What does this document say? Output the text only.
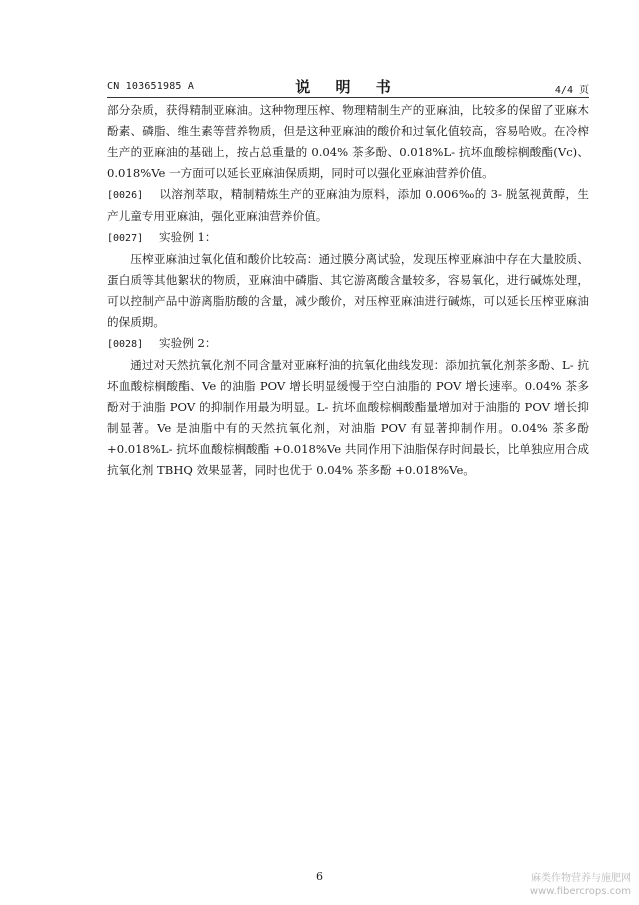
CN 103651985 A	说 明 书	4/4 页

部分杂质，获得精制亚麻油。这种物理压榨、物理精制生产的亚麻油，比较多的保留了亚麻木酚素、磷脂、维生素等营养物质，但是这种亚麻油的酸价和过氧化值较高，容易哈败。在冷榨生产的亚麻油的基础上，按占总重量的 0.04% 茶多酚、0.018%L- 抗坏血酸棕榈酸酯(Vc)、0.018%Ve 一方面可以延长亚麻油保质期，同时可以强化亚麻油营养价值。

[0026] 以溶剂萃取，精制精炼生产的亚麻油为原料，添加 0.006‰的 3- 脱氢视黄醇，生产儿童专用亚麻油，强化亚麻油营养价值。

[0027] 实验例 1：

压榨亚麻油过氧化值和酸价比较高：通过膜分离试验，发现压榨亚麻油中存在大量胶质、蛋白质等其他絮状的物质，亚麻油中磷脂、其它游离酸含量较多，容易氧化，进行碱炼处理，可以控制产品中游离脂肪酸的含量，减少酸价，对压榨亚麻油进行碱炼，可以延长压榨亚麻油的保质期。

[0028] 实验例 2：

通过对天然抗氧化剂不同含量对亚麻籽油的抗氧化曲线发现：添加抗氧化剂茶多酚、L- 抗坏血酸棕榈酸酯、Ve 的油脂 POV 增长明显缓慢于空白油脂的 POV 增长速率。0.04% 茶多酚对于油脂 POV 的抑制作用最为明显。L- 抗坏血酸棕榈酸酯量增加对于油脂的 POV 增长抑制显著。Ve 是油脂中有的天然抗氧化剂，对油脂 POV 有显著抑制作用。0.04% 茶多酚 +0.018%L- 抗坏血酸棕榈酸酯 +0.018%Ve 共同作用下油脂保存时间最长，比单独应用合成抗氧化剂 TBHQ 效果显著，同时也优于 0.04% 茶多酚 +0.018%Ve。

6	麻类作物营养与施肥网
www.fibercrops.com
